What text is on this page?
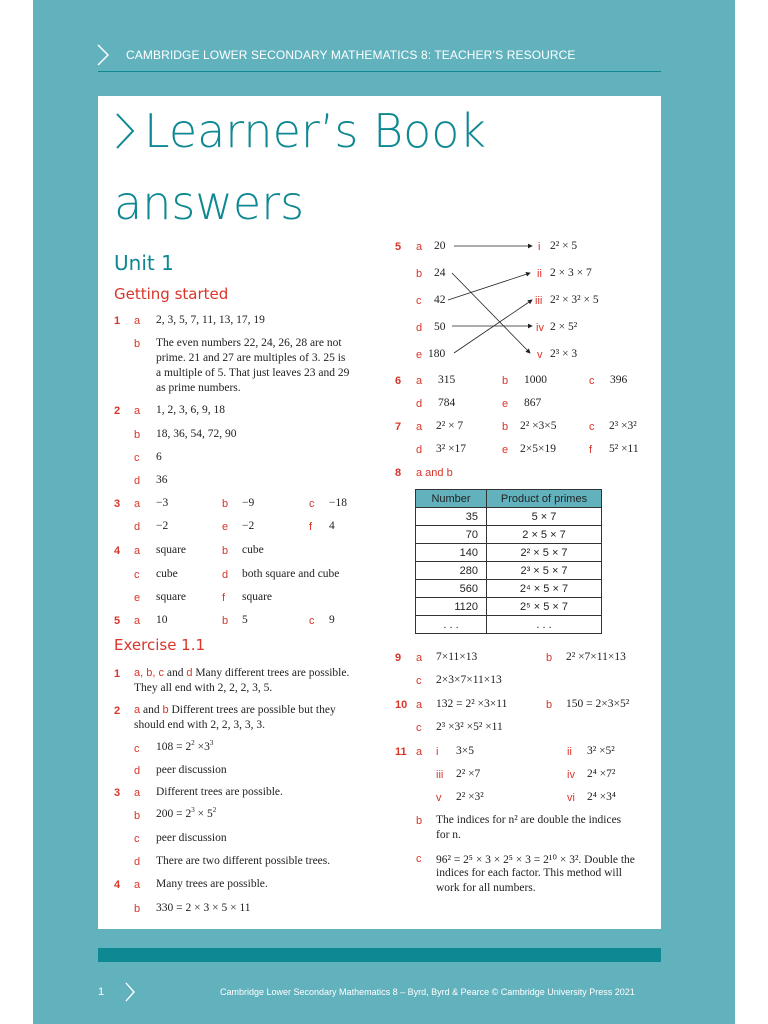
CAMBRIDGE LOWER SECONDARY MATHEMATICS 8: TEACHER’S RESOURCE
Learner’s Book
answers
Unit 1
Getting started
1 a 2, 3, 5, 7, 11, 13, 17, 19
b The even numbers 22, 24, 26, 28 are not
prime. 21 and 27 are multiples of 3. 25 is
a multiple of 5. That just leaves 23 and 29
as prime numbers.
2 a 1, 2, 3, 6, 9, 18
b 18, 36, 54, 72, 90
c 6
d 36
3 a −3	b −9	c −18
d −2	e −2	f 4
4 a square	b cube
c cube	d both square and cube
e square	f square
5 a 10	b 5	c 9
Exercise 1.1
1 a, b, c and d Many different trees are possible.
They all end with 2, 2, 2, 3, 5.
2 a and b Different trees are possible but they
should end with 2, 2, 3, 3, 3.
c $108 = 2^2 \times 3^3$
d peer discussion
3 a Different trees are possible.
b $200 = 2^3 \times 5^2$
c peer discussion
d There are two different possible trees.
4 a Many trees are possible.
b 330 = 2 × 3 × 5 × 11
5 a 20
b 24
c 42
d 50
e 180
i 2² × 5
ii 2 × 3 × 7
iii 2² × 3² × 5
iv 2 × 5²
v 2³ × 3
6 a 315	b 1000	c 396
d 784	e 867
7 a 2² × 7	b 2² ×3×5	c 2³ ×3²
d 3² ×17	e 2×5×19	f 5² ×11
8 a and b
Number	Product of primes
35	5 × 7
70	2 × 5 × 7
140	2² × 5 × 7
280	2³ × 5 × 7
560	2⁴ × 5 × 7
1120	2⁵ × 5 × 7
. . .	. . .
9 a 7×11×13	b 2² ×7×11×13
c 2×3×7×11×13
10 a 132 = 2² ×3×11	b 150 = 2×3×5²
c 2³ ×3² ×5² ×11
11 a i 3×5	ii 3² ×5²
iii 2² ×7	iv 2⁴ ×7²
v 2² ×3²	vi 2⁴ ×3⁴
b The indices for n² are double the indices
for n.
c 96² = 2⁵ × 3 × 2⁵ × 3 = 2¹⁰ × 3². Double the
indices for each factor. This method will
work for all numbers.
1	Cambridge Lower Secondary Mathematics 8 – Byrd, Byrd & Pearce © Cambridge University Press 2021
